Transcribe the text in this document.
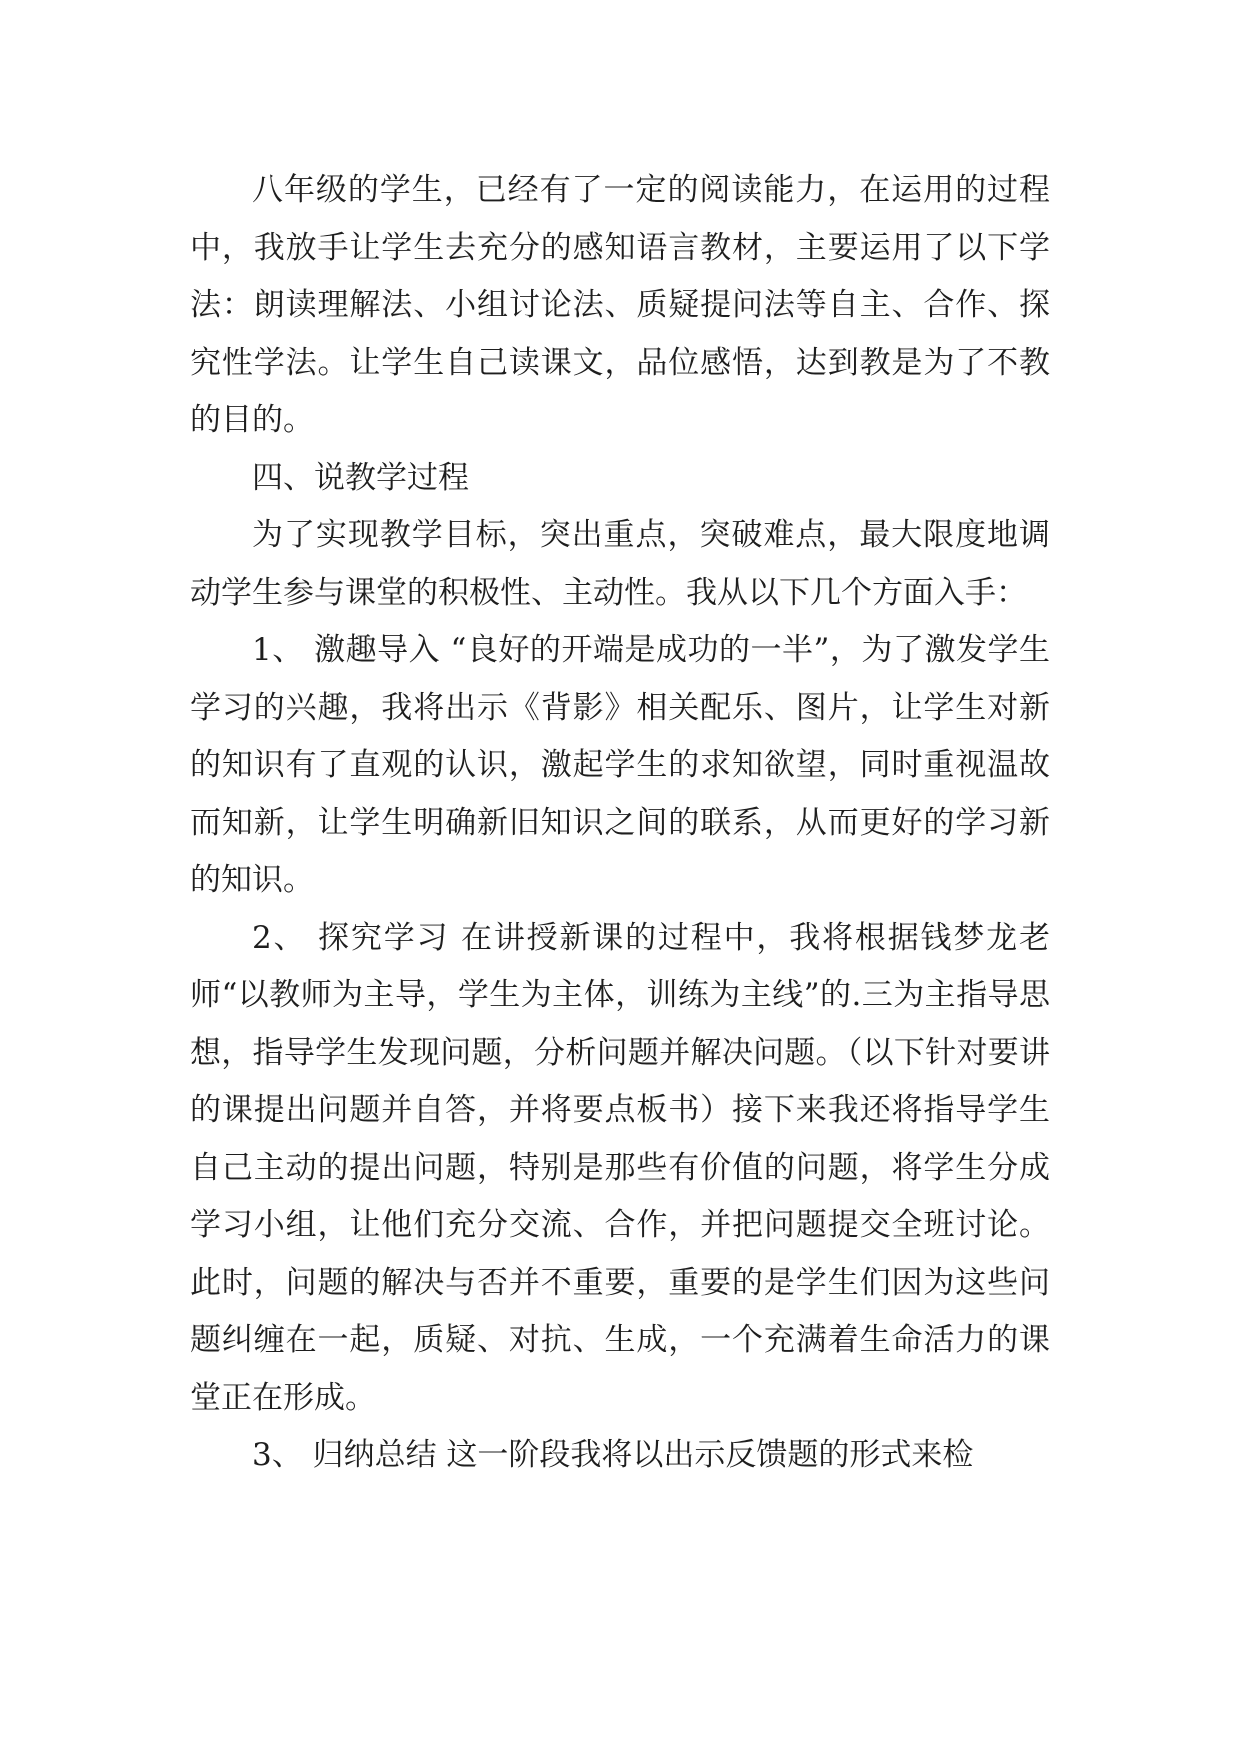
八年级的学生，已经有了一定的阅读能力，在运用的过程中，我放手让学生去充分的感知语言教材，主要运用了以下学法：朗读理解法、小组讨论法、质疑提问法等自主、合作、探究性学法。让学生自己读课文，品位感悟，达到教是为了不教的目的。

四、说教学过程

为了实现教学目标，突出重点，突破难点，最大限度地调动学生参与课堂的积极性、主动性。我从以下几个方面入手：

1、 激趣导入 “良好的开端是成功的一半”，为了激发学生学习的兴趣，我将出示《背影》相关配乐、图片，让学生对新的知识有了直观的认识，激起学生的求知欲望，同时重视温故而知新，让学生明确新旧知识之间的联系，从而更好的学习新的知识。

2、 探究学习 在讲授新课的过程中，我将根据钱梦龙老师“以教师为主导，学生为主体，训练为主线”的.三为主指导思想，指导学生发现问题，分析问题并解决问题。（以下针对要讲的课提出问题并自答，并将要点板书）接下来我还将指导学生自己主动的提出问题，特别是那些有价值的问题，将学生分成学习小组，让他们充分交流、合作，并把问题提交全班讨论。此时，问题的解决与否并不重要，重要的是学生们因为这些问题纠缠在一起，质疑、对抗、生成，一个充满着生命活力的课堂正在形成。

3、 归纳总结 这一阶段我将以出示反馈题的形式来检
